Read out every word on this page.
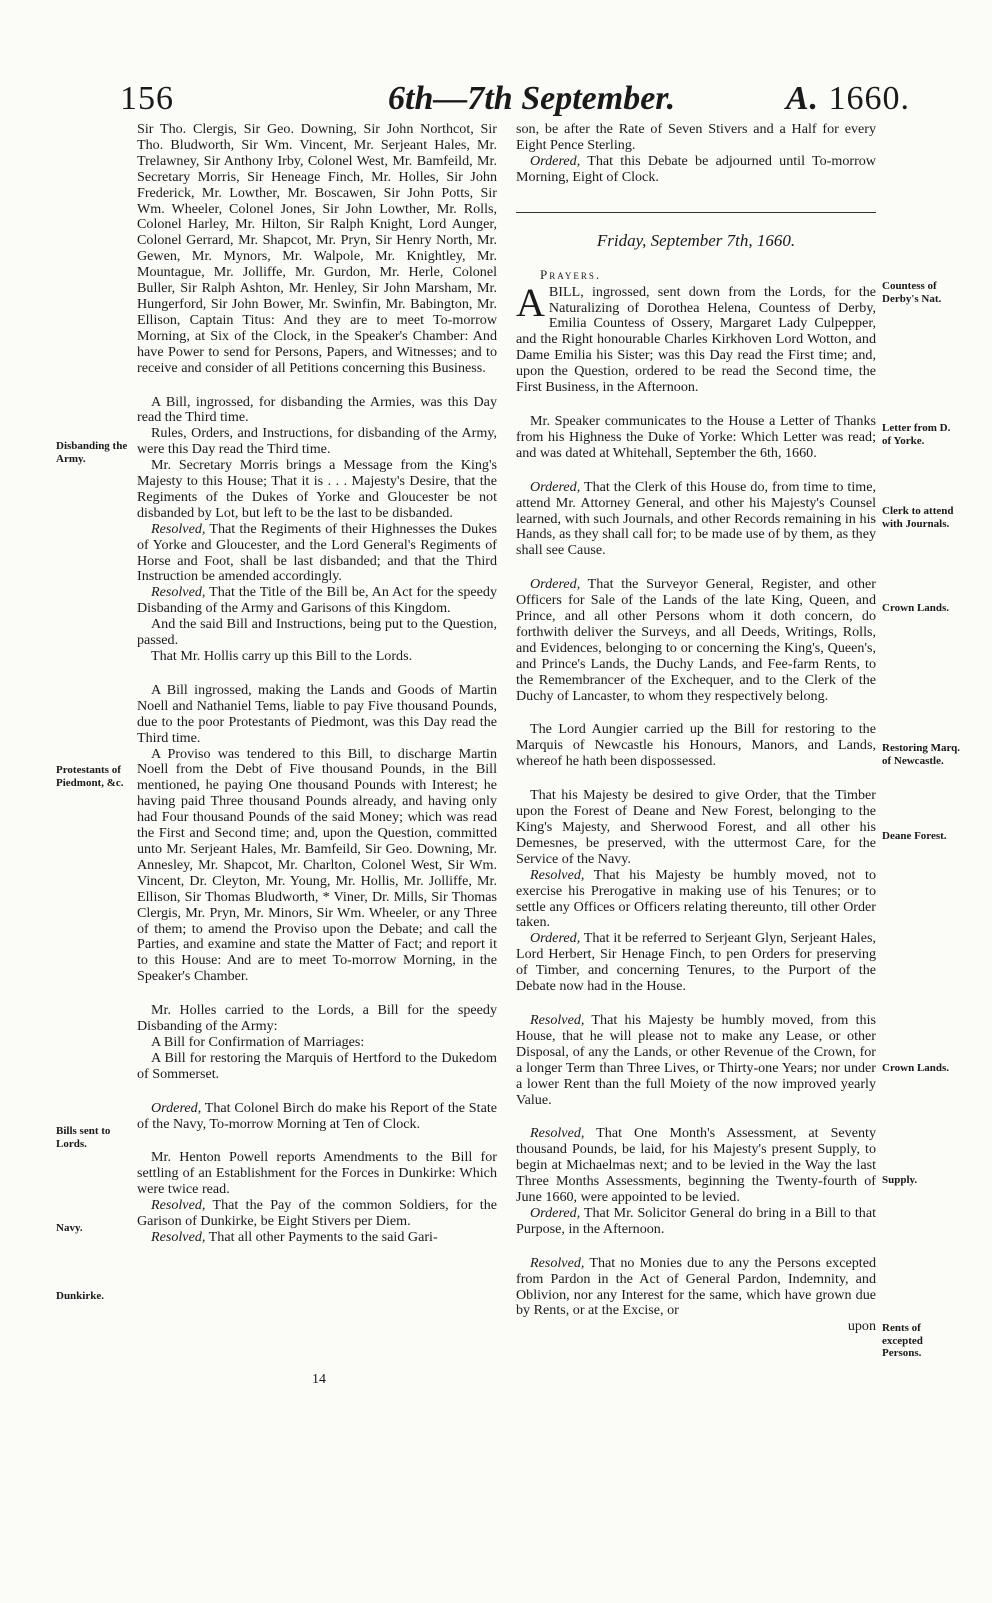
156	6th—7th September.	A. 1660.
Disbanding the Army.
Protestants of Piedmont, &c.
Bills sent to Lords.
Navy.
Dunkirke.

Sir Tho. Clergis, Sir Geo. Downing, Sir John Northcot, Sir Tho. Bludworth, Sir Wm. Vincent, Mr. Serjeant Hales, Mr. Trelawney, Sir Anthony Irby, Colonel West, Mr. Bamfeild, Mr. Secretary Morris, Sir Heneage Finch, Mr. Holles, Sir John Frederick, Mr. Lowther, Mr. Boscawen, Sir John Potts, Sir Wm. Wheeler, Colonel Jones, Sir John Lowther, Mr. Rolls, Colonel Harley, Mr. Hilton, Sir Ralph Knight, Lord Aunger, Colonel Gerrard, Mr. Shapcot, Mr. Pryn, Sir Henry North, Mr. Gewen, Mr. Mynors, Mr. Walpole, Mr. Knightley, Mr. Mountague, Mr. Jolliffe, Mr. Gurdon, Mr. Herle, Colonel Buller, Sir Ralph Ashton, Mr. Henley, Sir John Marsham, Mr. Hungerford, Sir John Bower, Mr. Swinfin, Mr. Babington, Mr. Ellison, Captain Titus: And they are to meet To-morrow Morning, at Six of the Clock, in the Speaker's Chamber: And have Power to send for Persons, Papers, and Witnesses; and to receive and consider of all Petitions concerning this Business.

A Bill, ingrossed, for disbanding the Armies, was this Day read the Third time.

Rules, Orders, and Instructions, for disbanding of the Army, were this Day read the Third time.

Mr. Secretary Morris brings a Message from the King's Majesty to this House; That it is . . . Majesty's Desire, that the Regiments of the Dukes of Yorke and Gloucester be not disbanded by Lot, but left to be the last to be disbanded.

Resolved, That the Regiments of their Highnesses the Dukes of Yorke and Gloucester, and the Lord General's Regiments of Horse and Foot, shall be last disbanded; and that the Third Instruction be amended accordingly.

Resolved, That the Title of the Bill be, An Act for the speedy Disbanding of the Army and Garisons of this Kingdom.

And the said Bill and Instructions, being put to the Question, passed.

That Mr. Hollis carry up this Bill to the Lords.

A Bill ingrossed, making the Lands and Goods of Martin Noell and Nathaniel Tems, liable to pay Five thousand Pounds, due to the poor Protestants of Piedmont, was this Day read the Third time.

A Proviso was tendered to this Bill, to discharge Martin Noell from the Debt of Five thousand Pounds, in the Bill mentioned, he paying One thousand Pounds with Interest; he having paid Three thousand Pounds already, and having only had Four thousand Pounds of the said Money; which was read the First and Second time; and, upon the Question, committed unto Mr. Serjeant Hales, Mr. Bamfeild, Sir Geo. Downing, Mr. Annesley, Mr. Shapcot, Mr. Charlton, Colonel West, Sir Wm. Vincent, Dr. Cleyton, Mr. Young, Mr. Hollis, Mr. Jolliffe, Mr. Ellison, Sir Thomas Bludworth, * Viner, Dr. Mills, Sir Thomas Clergis, Mr. Pryn, Mr. Minors, Sir Wm. Wheeler, or any Three of them; to amend the Proviso upon the Debate; and call the Parties, and examine and state the Matter of Fact; and report it to this House: And are to meet To-morrow Morning, in the Speaker's Chamber.

Mr. Holles carried to the Lords, a Bill for the speedy Disbanding of the Army:

A Bill for Confirmation of Marriages:

A Bill for restoring the Marquis of Hertford to the Dukedom of Sommerset.

Ordered, That Colonel Birch do make his Report of the State of the Navy, To-morrow Morning at Ten of Clock.

Mr. Henton Powell reports Amendments to the Bill for settling of an Establishment for the Forces in Dunkirke: Which were twice read.

Resolved, That the Pay of the common Soldiers, for the Garison of Dunkirke, be Eight Stivers per Diem.

Resolved, That all other Payments to the said Gari-

Countess of Derby's Nat.
Letter from D. of Yorke.
Clerk to attend with Journals.
Crown Lands.
Restoring Marq. of Newcastle.
Deane Forest.
Crown Lands.
Supply.
Rents of excepted Persons.

son, be after the Rate of Seven Stivers and a Half for every Eight Pence Sterling.

Ordered, That this Debate be adjourned until To-morrow Morning, Eight of Clock.

Friday, September 7th, 1660.
Prayers.

ABILL, ingrossed, sent down from the Lords, for the Naturalizing of Dorothea Helena, Countess of Derby, Emilia Countess of Ossery, Margaret Lady Culpepper, and the Right honourable Charles Kirkhoven Lord Wotton, and Dame Emilia his Sister; was this Day read the First time; and, upon the Question, ordered to be read the Second time, the First Business, in the Afternoon.

Mr. Speaker communicates to the House a Letter of Thanks from his Highness the Duke of Yorke: Which Letter was read; and was dated at Whitehall, September the 6th, 1660.

Ordered, That the Clerk of this House do, from time to time, attend Mr. Attorney General, and other his Majesty's Counsel learned, with such Journals, and other Records remaining in his Hands, as they shall call for; to be made use of by them, as they shall see Cause.

Ordered, That the Surveyor General, Register, and other Officers for Sale of the Lands of the late King, Queen, and Prince, and all other Persons whom it doth concern, do forthwith deliver the Surveys, and all Deeds, Writings, Rolls, and Evidences, belonging to or concerning the King's, Queen's, and Prince's Lands, the Duchy Lands, and Fee-farm Rents, to the Remembrancer of the Exchequer, and to the Clerk of the Duchy of Lancaster, to whom they respectively belong.

The Lord Aungier carried up the Bill for restoring to the Marquis of Newcastle his Honours, Manors, and Lands, whereof he hath been dispossessed.

That his Majesty be desired to give Order, that the Timber upon the Forest of Deane and New Forest, belonging to the King's Majesty, and Sherwood Forest, and all other his Demesnes, be preserved, with the uttermost Care, for the Service of the Navy.

Resolved, That his Majesty be humbly moved, not to exercise his Prerogative in making use of his Tenures; or to settle any Offices or Officers relating thereunto, till other Order taken.

Ordered, That it be referred to Serjeant Glyn, Serjeant Hales, Lord Herbert, Sir Henage Finch, to pen Orders for preserving of Timber, and concerning Tenures, to the Purport of the Debate now had in the House.

Resolved, That his Majesty be humbly moved, from this House, that he will please not to make any Lease, or other Disposal, of any the Lands, or other Revenue of the Crown, for a longer Term than Three Lives, or Thirty-one Years; nor under a lower Rent than the full Moiety of the now improved yearly Value.

Resolved, That One Month's Assessment, at Seventy thousand Pounds, be laid, for his Majesty's present Supply, to begin at Michaelmas next; and to be levied in the Way the last Three Months Assessments, beginning the Twenty-fourth of June 1660, were appointed to be levied.

Ordered, That Mr. Solicitor General do bring in a Bill to that Purpose, in the Afternoon.

Resolved, That no Monies due to any the Persons excepted from Pardon in the Act of General Pardon, Indemnity, and Oblivion, nor any Interest for the same, which have grown due by Rents, or at the Excise, or

upon

14
